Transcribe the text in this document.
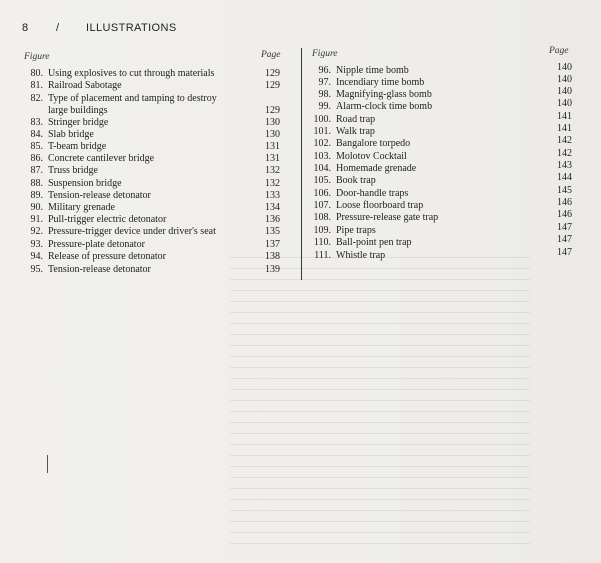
8 / ILLUSTRATIONS
Figure	Page	Figure	Page
80. Using explosives to cut through materials	129
81. Railroad Sabotage	129
82. Type of placement and tamping to destroy
large buildings	129
83. Stringer bridge	130
84. Slab bridge	130
85. T-beam bridge	131
86. Concrete cantilever bridge	131
87. Truss bridge	132
88. Suspension bridge	132
89. Tension-release detonator	133
90. Military grenade	134
91. Pull-trigger electric detonator	136
92. Pressure-trigger device under driver's seat	135
93. Pressure-plate detonator	137
94. Release of pressure detonator	138
95. Tension-release detonator	139
96. Nipple time bomb	140
97. Incendiary time bomb	140
98. Magnifying-glass bomb	140
99. Alarm-clock time bomb	140
100. Road trap	141
101. Walk trap	141
102. Bangalore torpedo	142
103. Molotov Cocktail	142
104. Homemade grenade	143
105. Book trap	144
106. Door-handle traps	145
107. Loose floorboard trap	146
108. Pressure-release gate trap	146
109. Pipe traps	147
110. Ball-point pen trap	147
111. Whistle trap	147
